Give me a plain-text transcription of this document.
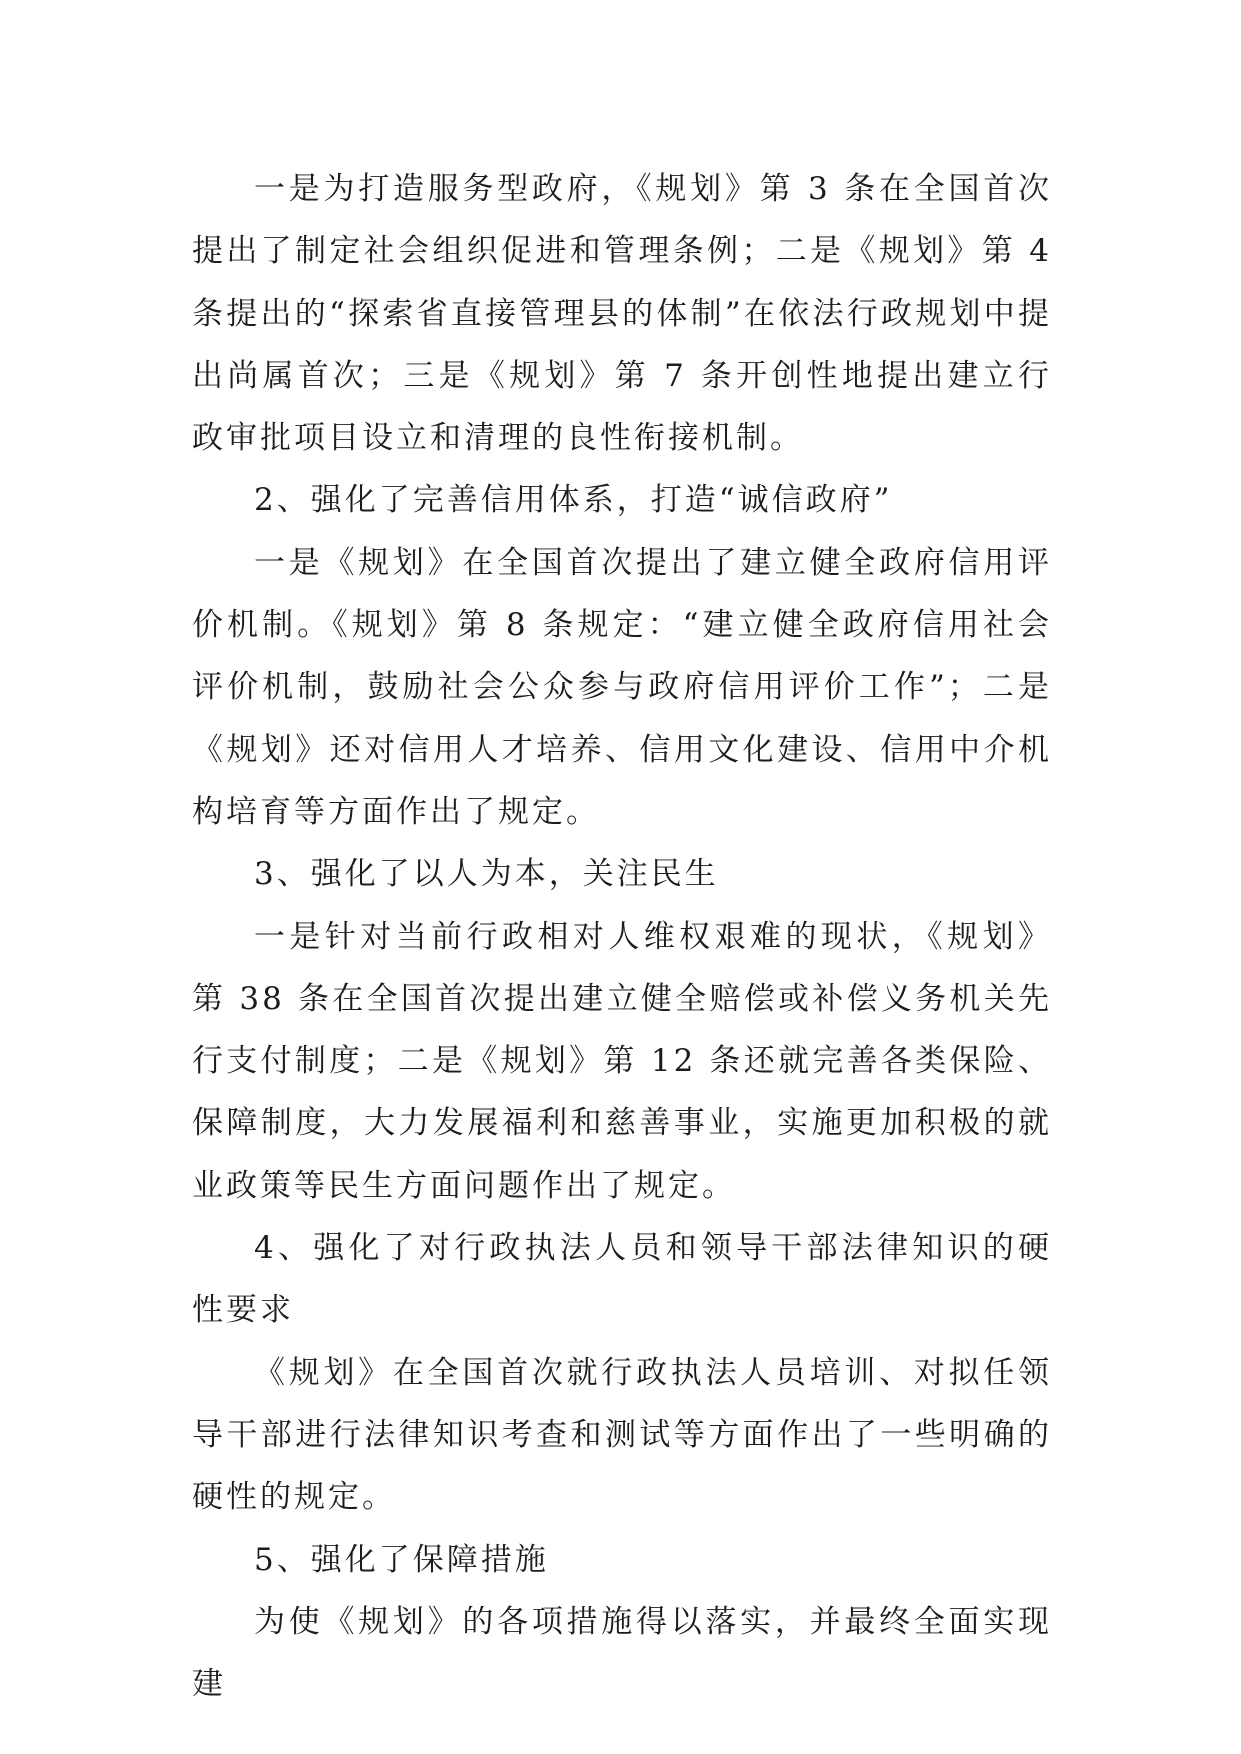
一是为打造服务型政府，《规划》第 3 条在全国首次提出了制定社会组织促进和管理条例；二是《规划》第 4 条提出的“探索省直接管理县的体制”在依法行政规划中提出尚属首次；三是《规划》第 7 条开创性地提出建立行政审批项目设立和清理的良性衔接机制。

2、强化了完善信用体系，打造“诚信政府”

一是《规划》在全国首次提出了建立健全政府信用评价机制。《规划》第 8 条规定：“建立健全政府信用社会评价机制，鼓励社会公众参与政府信用评价工作”；二是《规划》还对信用人才培养、信用文化建设、信用中介机构培育等方面作出了规定。

3、强化了以人为本，关注民生

一是针对当前行政相对人维权艰难的现状，《规划》第 38 条在全国首次提出建立健全赔偿或补偿义务机关先行支付制度；二是《规划》第 12 条还就完善各类保险、保障制度，大力发展福利和慈善事业，实施更加积极的就业政策等民生方面问题作出了规定。

4、强化了对行政执法人员和领导干部法律知识的硬性要求

《规划》在全国首次就行政执法人员培训、对拟任领导干部进行法律知识考查和测试等方面作出了一些明确的硬性的规定。

5、强化了保障措施

为使《规划》的各项措施得以落实，并最终全面实现建
